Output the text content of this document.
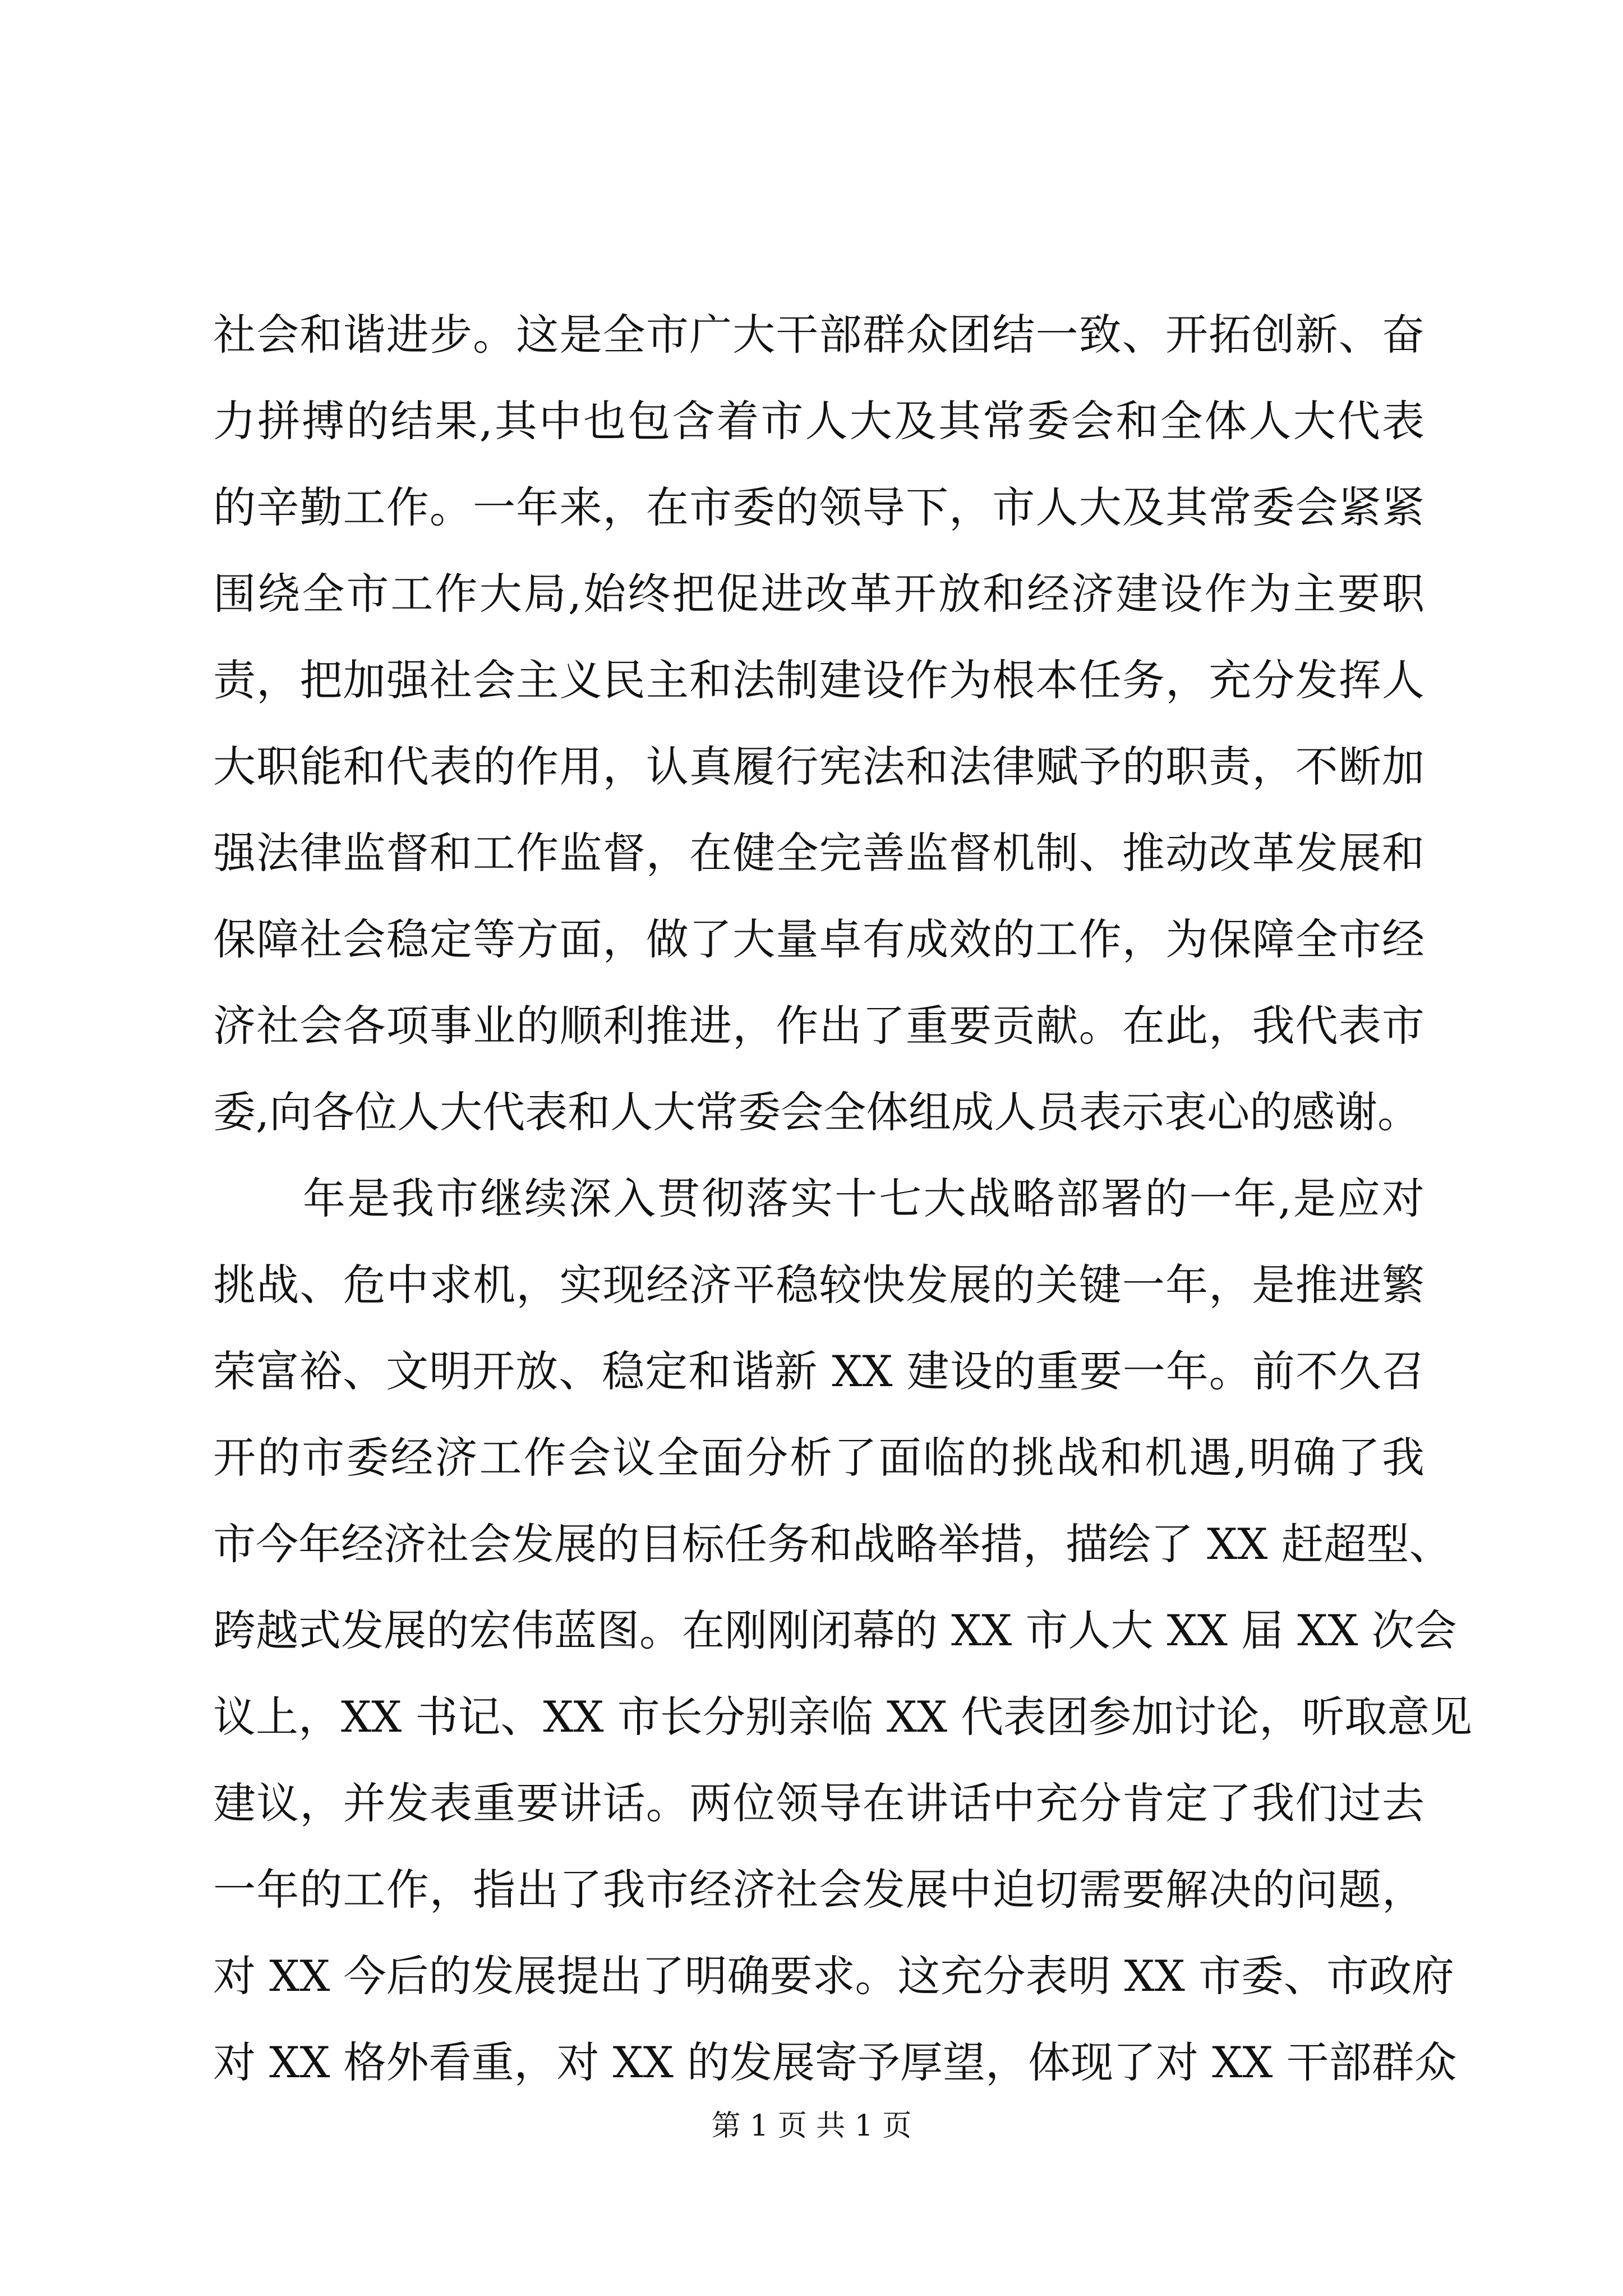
社会和谐进步。这是全市广大干部群众团结一致、开拓创新、奋
力拼搏的结果,其中也包含着市人大及其常委会和全体人大代表
的辛勤工作。一年来，在市委的领导下，市人大及其常委会紧紧
围绕全市工作大局,始终把促进改革开放和经济建设作为主要职
责，把加强社会主义民主和法制建设作为根本任务，充分发挥人
大职能和代表的作用，认真履行宪法和法律赋予的职责，不断加
强法律监督和工作监督，在健全完善监督机制、推动改革发展和
保障社会稳定等方面，做了大量卓有成效的工作，为保障全市经
济社会各项事业的顺利推进，作出了重要贡献。在此，我代表市
委,向各位人大代表和人大常委会全体组成人员表示衷心的感谢。
年是我市继续深入贯彻落实十七大战略部署的一年,是应对
挑战、危中求机，实现经济平稳较快发展的关键一年，是推进繁
荣富裕、文明开放、稳定和谐新 XX 建设的重要一年。前不久召
开的市委经济工作会议全面分析了面临的挑战和机遇,明确了我
市今年经济社会发展的目标任务和战略举措，描绘了 XX 赶超型、
跨越式发展的宏伟蓝图。在刚刚闭幕的 XX 市人大 XX 届 XX 次会
议上，XX 书记、XX 市长分别亲临 XX 代表团参加讨论，听取意见
建议，并发表重要讲话。两位领导在讲话中充分肯定了我们过去
一年的工作，指出了我市经济社会发展中迫切需要解决的问题，
对 XX 今后的发展提出了明确要求。这充分表明 XX 市委、市政府
对 XX 格外看重，对 XX 的发展寄予厚望，体现了对 XX 干部群众
第 1 页 共 1 页
